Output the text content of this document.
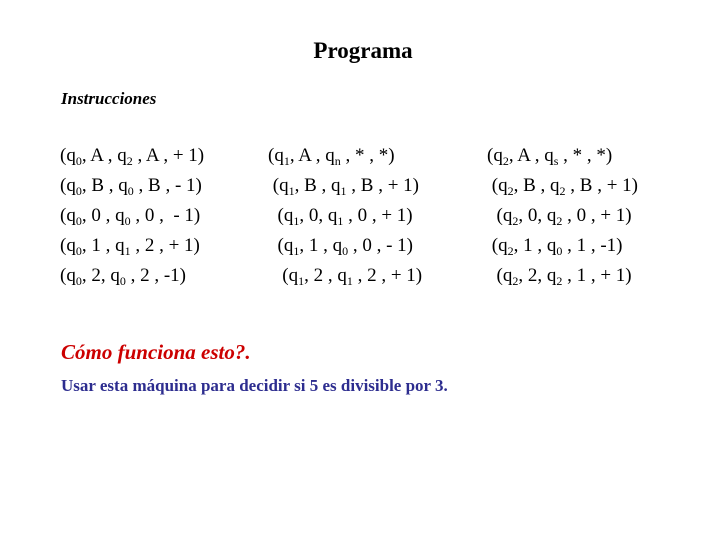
Programa
Instrucciones
($q_0$, A , $q_2$ , A , + 1)
($q_0$, B , $q_0$ , B , - 1)
($q_0$, 0 , $q_0$ , 0 ,  - 1)
($q_0$, 1 , $q_1$ , 2 , + 1)
($q_0$, 2, $q_0$ , 2 , -1)
($q_1$, A , $q_n$ , * , *)
($q_1$, B , $q_1$ , B , + 1)
($q_1$, 0, $q_1$ , 0 , + 1)
($q_1$, 1 , $q_0$ , 0 , - 1)
($q_1$, 2 , $q_1$ , 2 , + 1)
($q_2$, A , $q_s$ , * , *)
($q_2$, B , $q_2$ , B , + 1)
($q_2$, 0, $q_2$ , 0 , + 1)
($q_2$, 1 , $q_0$ , 1 , -1)
($q_2$, 2, $q_2$ , 1 , + 1)
Cómo funciona esto?.
Usar esta máquina para decidir si 5 es divisible por 3.
